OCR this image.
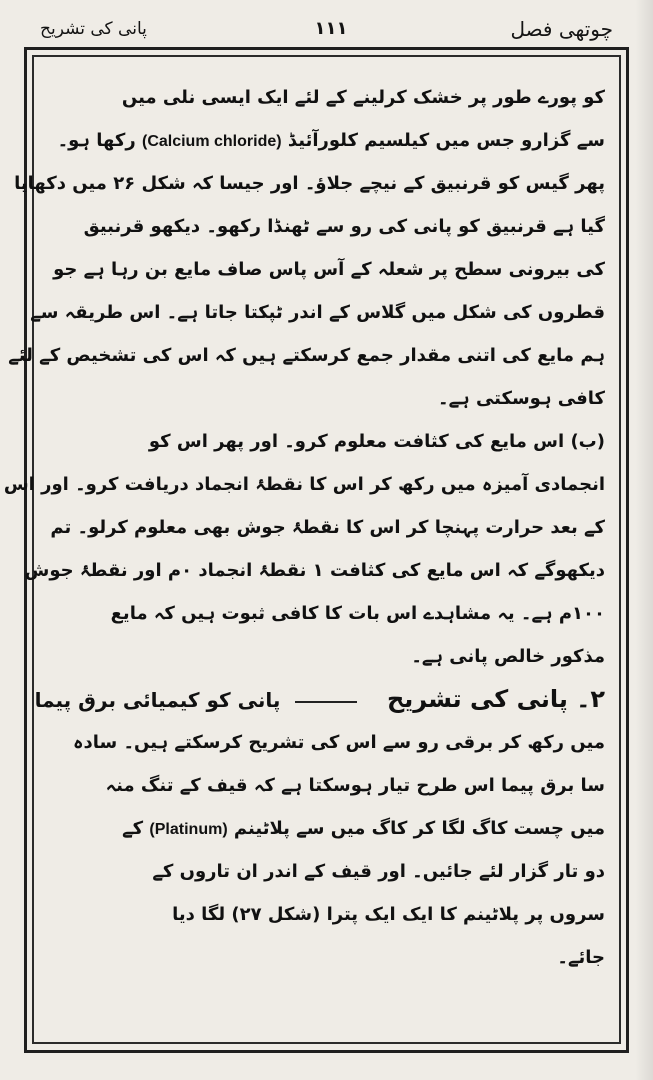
پانی کی تشریح	۱۱۱	چوتھی فصل
کو پورے طور پر خشک کرلینے کے لئے ایک ایسی نلی میں
سے گزارو جس میں کیلسیم کلورآئیڈ (Calcium chloride) رکھا ہو۔
پھر گیس کو قرنبیق کے نیچے جلاؤ۔ اور جیسا کہ شکل ۲۶ میں دکھایا
گیا ہے قرنبیق کو پانی کی رو سے ٹھنڈا رکھو۔ دیکھو قرنبیق
کی بیرونی سطح پر شعلہ کے آس پاس صاف مایع بن رہا ہے جو
قطروں کی شکل میں گلاس کے اندر ٹپکتا جاتا ہے۔ اس طریقہ سے
ہم مایع کی اتنی مقدار جمع کرسکتے ہیں کہ اس کی تشخیص کے لئے
کافی ہوسکتی ہے۔
(ب) اس مایع کی کثافت معلوم کرو۔ اور پھر اس کو
انجمادی آمیزہ میں رکھ کر اس کا نقطۂ انجماد دریافت کرو۔ اور اس
کے بعد حرارت پہنچا کر اس کا نقطۂ جوش بھی معلوم کرلو۔ تم
دیکھوگے کہ اس مایع کی کثافت ۱ نقطۂ انجماد ۰م اور نقطۂ جوش
۱۰۰م ہے۔ یہ مشاہدے اس بات کا کافی ثبوت ہیں کہ مایع
مذکور خالص پانی ہے۔
۲۔ پانی کی تشریح  پانی کو کیمیائی برق پیما
میں رکھ کر برقی رو سے اس کی تشریح کرسکتے ہیں۔ سادہ
سا برق پیما اس طرح تیار ہوسکتا ہے کہ قیف کے تنگ منہ
میں چست کاگ لگا کر کاگ میں سے پلاٹینم (Platinum) کے
دو تار گزار لئے جائیں۔ اور قیف کے اندر ان تاروں کے
سروں پر پلاٹینم کا ایک ایک پترا (شکل ۲۷) لگا دیا
جائے۔
